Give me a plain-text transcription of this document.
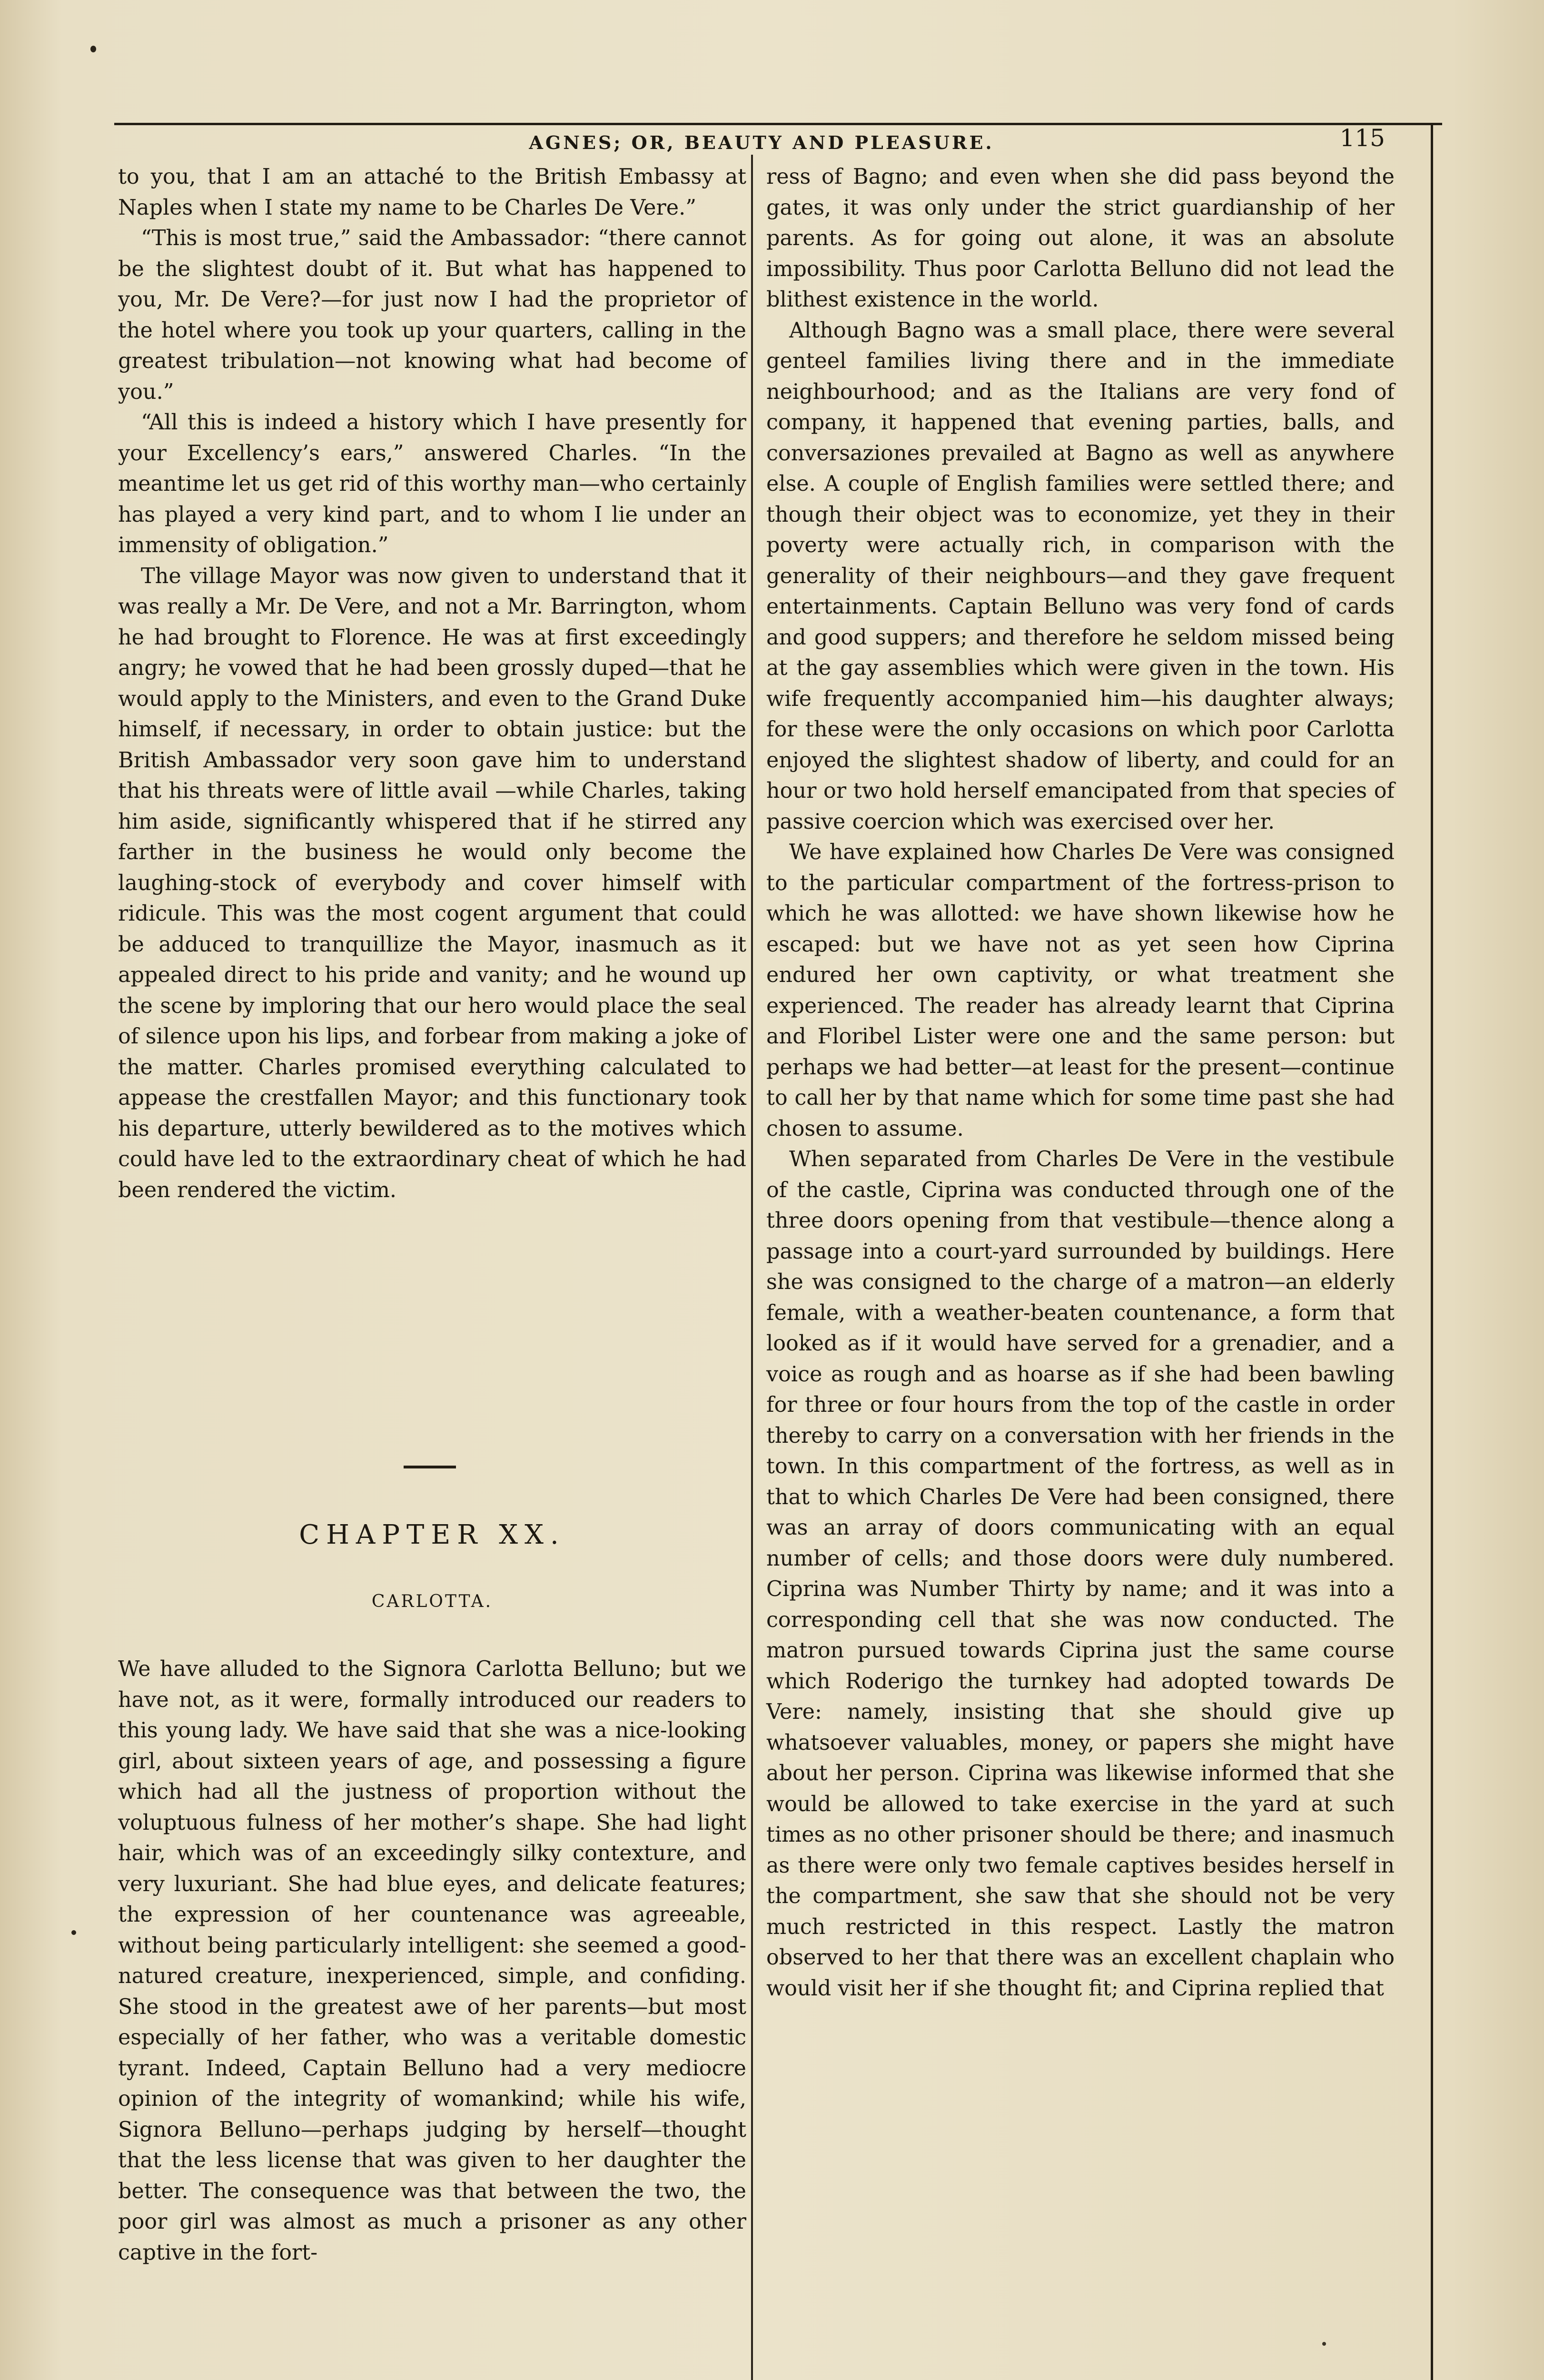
AGNES; OR, BEAUTY AND PLEASURE.	115

to you, that I am an attaché to the British Embassy at Naples when I state my name to be Charles De Vere.”

“This is most true,” said the Ambassador: “there cannot be the slightest doubt of it. But what has happened to you, Mr. De Vere?—for just now I had the proprietor of the hotel where you took up your quarters, calling in the greatest tribulation—not knowing what had become of you.”

“All this is indeed a history which I have presently for your Excellency’s ears,” answered Charles. “In the meantime let us get rid of this worthy man—who certainly has played a very kind part, and to whom I lie under an immensity of obligation.”

The village Mayor was now given to understand that it was really a Mr. De Vere, and not a Mr. Barrington, whom he had brought to Florence. He was at first exceedingly angry; he vowed that he had been grossly duped—that he would apply to the Ministers, and even to the Grand Duke himself, if necessary, in order to obtain justice: but the British Ambassador very soon gave him to understand that his threats were of little avail —while Charles, taking him aside, significantly whispered that if he stirred any farther in the business he would only become the laughing-stock of everybody and cover himself with ridicule. This was the most cogent argument that could be adduced to tranquillize the Mayor, inasmuch as it appealed direct to his pride and vanity; and he wound up the scene by imploring that our hero would place the seal of silence upon his lips, and forbear from making a joke of the matter. Charles promised everything calculated to appease the crestfallen Mayor; and this functionary took his departure, utterly bewildered as to the motives which could have led to the extraordinary cheat of which he had been rendered the victim.

CHAPTER XX.
CARLOTTA.

We have alluded to the Signora Carlotta Belluno; but we have not, as it were, formally introduced our readers to this young lady. We have said that she was a nice-looking girl, about sixteen years of age, and possessing a figure which had all the justness of proportion without the voluptuous fulness of her mother’s shape. She had light hair, which was of an exceedingly silky contexture, and very luxuriant. She had blue eyes, and delicate features; the expression of her countenance was agreeable, without being particularly intelligent: she seemed a good-natured creature, inexperienced, simple, and confiding. She stood in the greatest awe of her parents—but most especially of her father, who was a veritable domestic tyrant. Indeed, Captain Belluno had a very mediocre opinion of the integrity of womankind; while his wife, Signora Belluno—perhaps judging by herself—thought that the less license that was given to her daughter the better. The consequence was that between the two, the poor girl was almost as much a prisoner as any other captive in the fort-

ress of Bagno; and even when she did pass beyond the gates, it was only under the strict guardianship of her parents. As for going out alone, it was an absolute impossibility. Thus poor Carlotta Belluno did not lead the blithest existence in the world.

Although Bagno was a small place, there were several genteel families living there and in the immediate neighbourhood; and as the Italians are very fond of company, it happened that evening parties, balls, and conversaziones prevailed at Bagno as well as anywhere else. A couple of English families were settled there; and though their object was to economize, yet they in their poverty were actually rich, in comparison with the generality of their neighbours—and they gave frequent entertainments. Captain Belluno was very fond of cards and good suppers; and therefore he seldom missed being at the gay assemblies which were given in the town. His wife frequently accompanied him—his daughter always; for these were the only occasions on which poor Carlotta enjoyed the slightest shadow of liberty, and could for an hour or two hold herself emancipated from that species of passive coercion which was exercised over her.

We have explained how Charles De Vere was consigned to the particular compartment of the fortress-prison to which he was allotted: we have shown likewise how he escaped: but we have not as yet seen how Ciprina endured her own captivity, or what treatment she experienced. The reader has already learnt that Ciprina and Floribel Lister were one and the same person: but perhaps we had better—at least for the present—continue to call her by that name which for some time past she had chosen to assume.

When separated from Charles De Vere in the vestibule of the castle, Ciprina was conducted through one of the three doors opening from that vestibule—thence along a passage into a court-yard surrounded by buildings. Here she was consigned to the charge of a matron—an elderly female, with a weather-beaten countenance, a form that looked as if it would have served for a grenadier, and a voice as rough and as hoarse as if she had been bawling for three or four hours from the top of the castle in order thereby to carry on a conversation with her friends in the town. In this compartment of the fortress, as well as in that to which Charles De Vere had been consigned, there was an array of doors communicating with an equal number of cells; and those doors were duly numbered. Ciprina was Number Thirty by name; and it was into a corresponding cell that she was now conducted. The matron pursued towards Ciprina just the same course which Roderigo the turnkey had adopted towards De Vere: namely, insisting that she should give up whatsoever valuables, money, or papers she might have about her person. Ciprina was likewise informed that she would be allowed to take exercise in the yard at such times as no other prisoner should be there; and inasmuch as there were only two female captives besides herself in the compartment, she saw that she should not be very much restricted in this respect. Lastly the matron observed to her that there was an excellent chaplain who would visit her if she thought fit; and Ciprina replied that
